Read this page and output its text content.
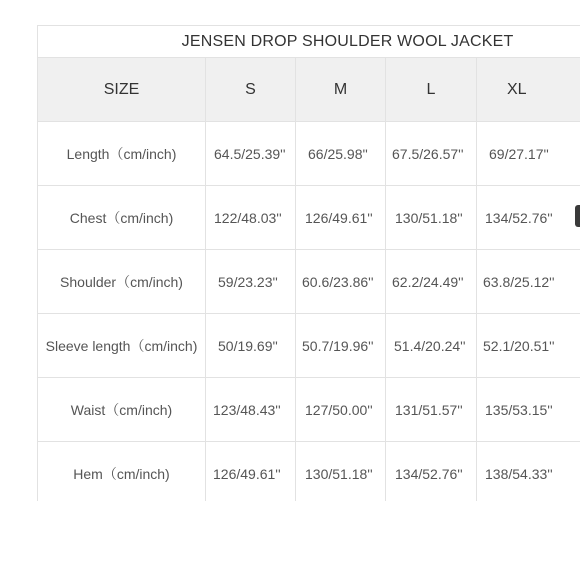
JENSEN DROP SHOULDER WOOL JACKET				
SIZE	S	M	L	XL
Length（cm/inch)	64.5/25.39''	66/25.98''	67.5/26.57''	69/27.17''
Chest（cm/inch)	122/48.03''	126/49.61''	130/51.18''	134/52.76''
Shoulder（cm/inch)	59/23.23''	60.6/23.86''	62.2/24.49''	63.8/25.12''
Sleeve length（cm/inch)	50/19.69''	50.7/19.96''	51.4/20.24''	52.1/20.51''
Waist（cm/inch)	123/48.43''	127/50.00''	131/51.57''	135/53.15''
Hem（cm/inch)	126/49.61''	130/51.18''	134/52.76''	138/54.33''
